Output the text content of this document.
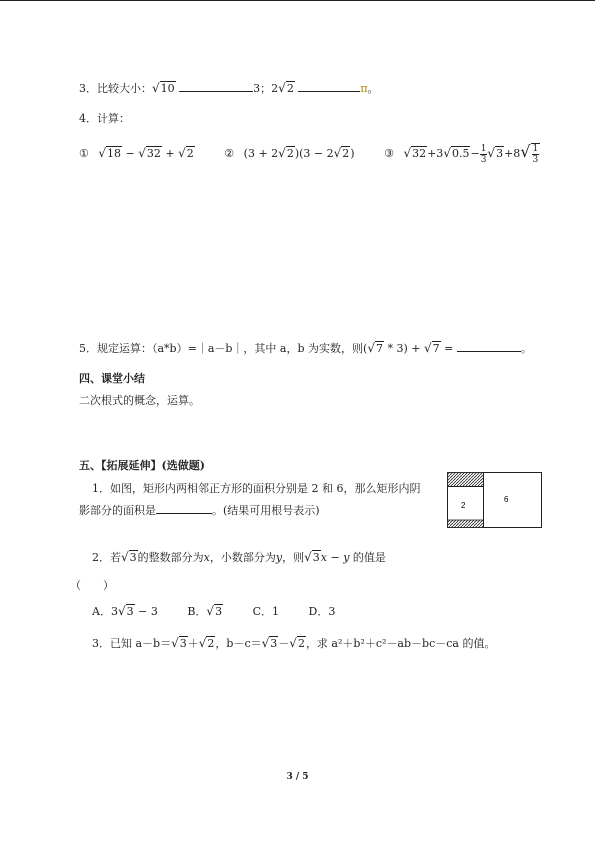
3．比较大小：√10	3；2√2	π。
4．计算：
① √18 − √32 + √2	② (3 + 2√2)(3 − 2√2)	③ $√32+3√0.5- \frac{1}{3} √3+8√ \frac{1}{3}$
5．规定运算：（a*b）=｜a－b｜，其中 a，b 为实数，则(√7 * 3) + √7 =	。
四、课堂小结
二次根式的概念，运算。
五、【拓展延伸】(选做题)
1．如图，矩形内两相邻正方形的面积分别是 2 和 6，那么矩形内阴
影部分的面积是	。(结果可用根号表示)	2
6
2．若√3的整数部分为x，小数部分为y，则√3x − y 的值是
（　　）
A．3√3 − 3	B．√3	C．1	D．3
3．已知 a－b＝√3＋√2，b－c＝√3－√2，求 a²＋b²＋c²－ab－bc－ca 的值。
3 / 5
